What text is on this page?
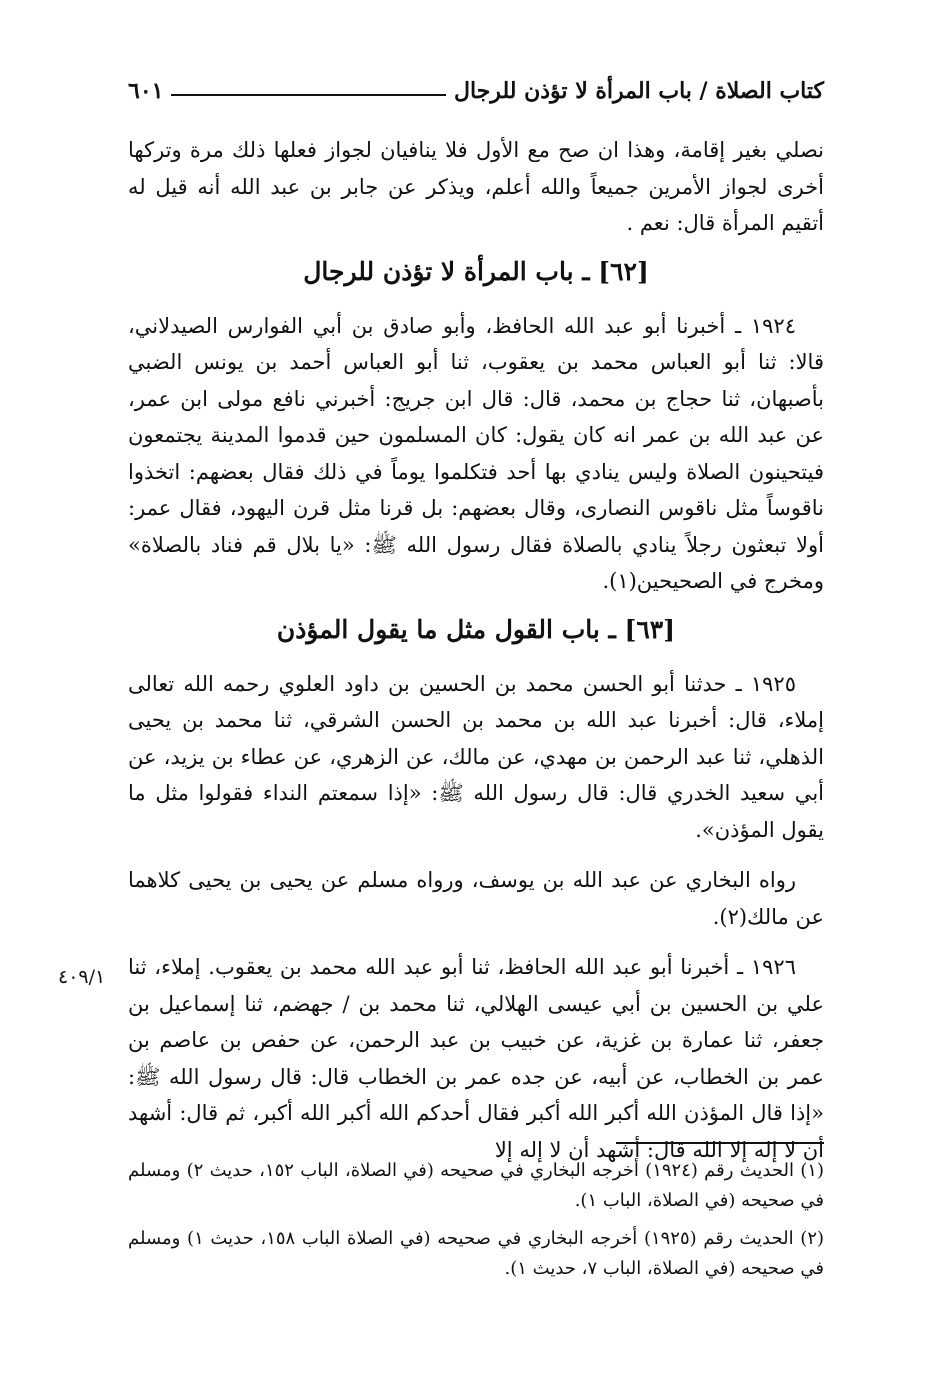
كتاب الصلاة / باب المرأة لا تؤذن للرجال
٦٠١

نصلي بغير إقامة، وهذا ان صح مع الأول فلا ينافيان لجواز فعلها ذلك مرة وتركها أخرى لجواز الأمرين جميعاً والله أعلم، ويذكر عن جابر بن عبد الله أنه قيل له أتقيم المرأة قال: نعم .

[٦٢] ـ باب المرأة لا تؤذن للرجال

١٩٢٤ ـ أخبرنا أبو عبد الله الحافظ، وأبو صادق بن أبي الفوارس الصيدلاني، قالا: ثنا أبو العباس محمد بن يعقوب، ثنا أبو العباس أحمد بن يونس الضبي بأصبهان، ثنا حجاج بن محمد، قال: قال ابن جريج: أخبرني نافع مولى ابن عمر، عن عبد الله بن عمر انه كان يقول: كان المسلمون حين قدموا المدينة يجتمعون فيتحينون الصلاة وليس ينادي بها أحد فتكلموا يوماً في ذلك فقال بعضهم: اتخذوا ناقوساً مثل ناقوس النصارى، وقال بعضهم: بل قرنا مثل قرن اليهود، فقال عمر: أولا تبعثون رجلاً ينادي بالصلاة فقال رسول الله ﷺ: «يا بلال قم فناد بالصلاة» ومخرج في الصحيحين(١).

[٦٣] ـ باب القول مثل ما يقول المؤذن

١٩٢٥ ـ حدثنا أبو الحسن محمد بن الحسين بن داود العلوي رحمه الله تعالى إملاء، قال: أخبرنا عبد الله بن محمد بن الحسن الشرقي، ثنا محمد بن يحيى الذهلي، ثنا عبد الرحمن بن مهدي، عن مالك، عن الزهري، عن عطاء بن يزيد، عن أبي سعيد الخدري قال: قال رسول الله ﷺ: «إذا سمعتم النداء فقولوا مثل ما يقول المؤذن».

رواه البخاري عن عبد الله بن يوسف، ورواه مسلم عن يحيى بن يحيى كلاهما عن مالك(٢).

١٩٢٦ ـ أخبرنا أبو عبد الله الحافظ، ثنا أبو عبد الله محمد بن يعقوب. إملاء، ثنا علي بن الحسين بن أبي عيسى الهلالي، ثنا محمد بن / جهضم، ثنا إسماعيل بن جعفر، ثنا عمارة بن غزية، عن خبيب بن عبد الرحمن، عن حفص بن عاصم بن عمر بن الخطاب، عن أبيه، عن جده عمر بن الخطاب قال: قال رسول الله ﷺ: «إذا قال المؤذن الله أكبر الله أكبر فقال أحدكم الله أكبر الله أكبر، ثم قال: أشهد أن لا إله إلا الله قال: أشهد أن لا إله إلا

٤٠٩/١

(١) الحديث رقم (١٩٢٤) أخرجه البخاري في صحيحه (في الصلاة، الباب ١٥٢، حديث ٢) ومسلم في صحيحه (في الصلاة، الباب ١).

(٢) الحديث رقم (١٩٢٥) أخرجه البخاري في صحيحه (في الصلاة الباب ١٥٨، حديث ١) ومسلم في صحيحه (في الصلاة، الباب ٧، حديث ١).
